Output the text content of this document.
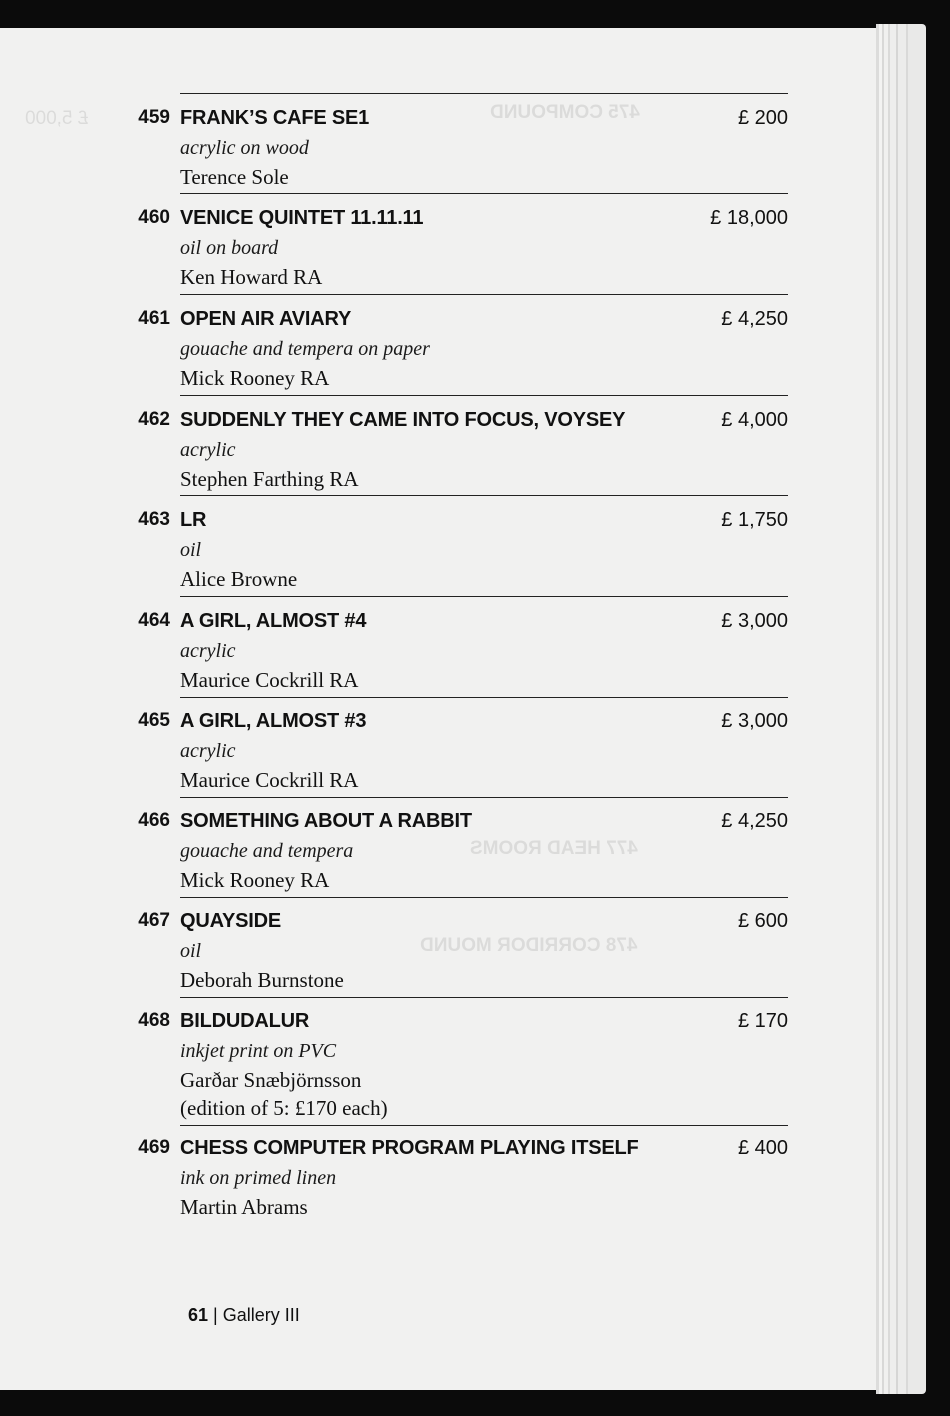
475 COMPOUND
£ 5,000
477 HEAD ROOMS
478 CORRIDOR MOUND
459 FRANK’S CAFE SE1	£ 200
acrylic on wood
Terence Sole
460 VENICE QUINTET 11.11.11	£ 18,000
oil on board
Ken Howard RA
461 OPEN AIR AVIARY	£ 4,250
gouache and tempera on paper
Mick Rooney RA
462 SUDDENLY THEY CAME INTO FOCUS, VOYSEY	£ 4,000
acrylic
Stephen Farthing RA
463 LR	£ 1,750
oil
Alice Browne
464 A GIRL, ALMOST #4	£ 3,000
acrylic
Maurice Cockrill RA
465 A GIRL, ALMOST #3	£ 3,000
acrylic
Maurice Cockrill RA
466 SOMETHING ABOUT A RABBIT	£ 4,250
gouache and tempera
Mick Rooney RA
467 QUAYSIDE	£ 600
oil
Deborah Burnstone
468 BILDUDALUR	£ 170
inkjet print on PVC
Garðar Snæbjörnsson
(edition of 5: £170 each)
469 CHESS COMPUTER PROGRAM PLAYING ITSELF	£ 400
ink on primed linen
Martin Abrams
61 | Gallery III
